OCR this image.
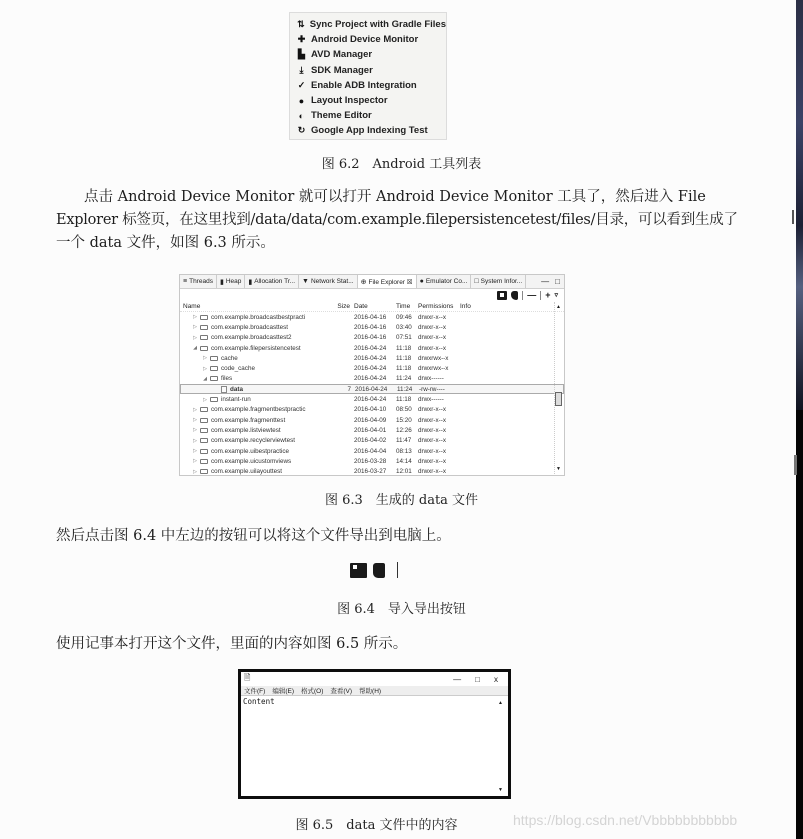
⇅ Sync Project with Gradle Files
✚ Android Device Monitor
▙ AVD Manager
⤓ SDK Manager
✓ Enable ADB Integration
● Layout Inspector
◐ Theme Editor
↻ Google App Indexing Test
图 6.2　Android 工具列表
点击 Android Device Monitor 就可以打开 Android Device Monitor 工具了，然后进入 File
Explorer 标签页，在这里找到/data/data/com.example.filepersistencetest/files/目录，可以看到生成了
一个 data 文件，如图 6.3 所示。
≡ Threads ▮ Heap ▮ Allocation Tr... ▼ Network Stat... ⊕ File Explorer ☒ ● Emulator Co... □ System Infor... — □
— + ▿
Name	Size Date	Time	Permissions	Info
▷ com.example.broadcastbestpracti	2016-04-16	09:46 drwxr-x--x
▷ com.example.broadcasttest	2016-04-16	03:40 drwxr-x--x
▷ com.example.broadcasttest2	2016-04-16	07:51 drwxr-x--x
◢ com.example.filepersistencetest	2016-04-24	11:18	drwxr-x--x
▷ cache	2016-04-24	11:18	drwxrwx--x
▷ code_cache	2016-04-24	11:18	drwxrwx--x
◢ files	2016-04-24	11:24	drwx------
data	7 2016-04-24	11:24	-rw-rw----
▷ instant-run	2016-04-24	11:18	drwx------
▷ com.example.fragmentbestpractic	2016-04-10	08:50 drwxr-x--x
▷ com.example.fragmenttest	2016-04-09	15:20 drwxr-x--x
▷ com.example.listviewtest	2016-04-01	12:26 drwxr-x--x
▷ com.example.recyclerviewtest	2016-04-02	11:47	drwxr-x--x
▷ com.example.uibestpractice	2016-04-04	08:13 drwxr-x--x
▷ com.example.uicustomviews	2016-03-28	14:14 drwxr-x--x
▷ com.example.uilayouttest	2016-03-27	12:01 drwxr-x--x
▲
▼
图 6.3　生成的 data 文件
然后点击图 6.4 中左边的按钮可以将这个文件导出到电脑上。
图 6.4　导入导出按钮
使用记事本打开这个文件，里面的内容如图 6.5 所示。
🗎	— □ x
文件(F) 编辑(E) 格式(O) 查看(V) 帮助(H)
Content	▲
▼
图 6.5　data 文件中的内容	https://blog.csdn.net/Vbbbbbbbbbbb
